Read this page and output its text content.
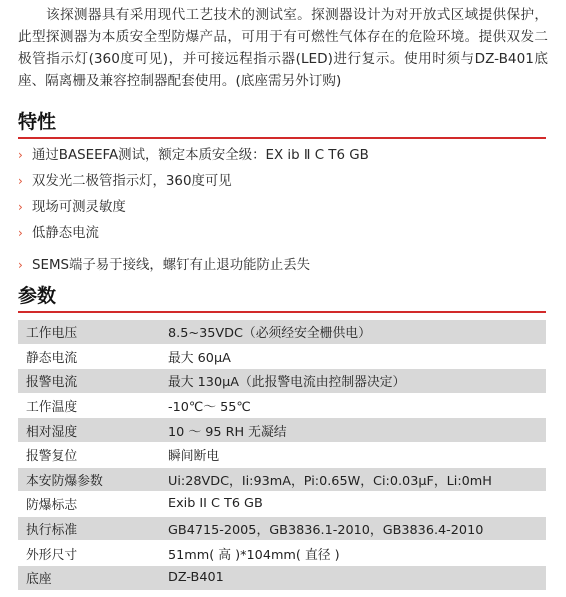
该探测器具有采用现代工艺技术的测试室。探测器设计为对开放式区域提供保护，此型探测器为本质安全型防爆产品，可用于有可燃性气体存在的危险环境。提供双发二极管指示灯(360度可见)，并可接远程指示器(LED)进行复示。使用时须与DZ-B401底座、隔离栅及兼容控制器配套使用。(底座需另外订购)

特性
› 通过BASEEFA测试，额定本质安全级：EX ib Ⅱ C T6 GB
› 双发光二极管指示灯，360度可见
› 现场可测灵敏度
› 低静态电流
› SEMS端子易于接线，螺钉有止退功能防止丢失
参数
工作电压	8.5~35VDC（必须经安全栅供电）
静态电流	最大 60μA
报警电流	最大 130μA（此报警电流由控制器决定）
工作温度	-10℃～ 55℃
相对湿度	10 ～ 95 RH 无凝结
报警复位	瞬间断电
本安防爆参数	Ui:28VDC，Ii:93mA，Pi:0.65W，Ci:0.03μF，Li:0mH
防爆标志	Exib II C T6 GB
执行标准	GB4715-2005，GB3836.1-2010，GB3836.4-2010
外形尺寸	51mm( 高 )*104mm( 直径 )
底座	DZ-B401
